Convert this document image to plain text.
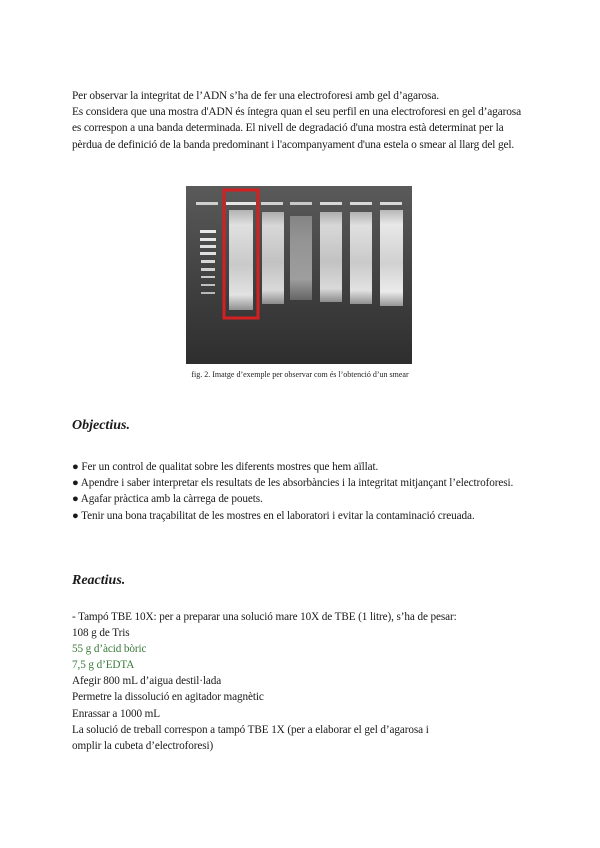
Per observar la integritat de l’ADN s’ha de fer una electroforesi amb gel d’agarosa.

Es considera que una mostra d'ADN és íntegra quan el seu perfil en una electroforesi en gel d’agarosa es correspon a una banda determinada. El nivell de degradació d'una mostra està determinat per la pèrdua de definició de la banda predominant i l'acompanyament d'una estela o smear al llarg del gel.

fig. 2. Imatge d’exemple per observar com és l’obtenció d’un smear
Objectius.
● Fer un control de qualitat sobre les diferents mostres que hem aïllat.
● Apendre i saber interpretar els resultats de les absorbàncies i la integritat mitjançant l’electroforesi.
● Agafar pràctica amb la càrrega de pouets.
● Tenir una bona traçabilitat de les mostres en el laboratori i evitar la contaminació creuada.
Reactius.
- Tampó TBE 10X: per a preparar una solució mare 10X de TBE (1 litre), s’ha de pesar:
108 g de Tris
55 g d’àcid bòric
7,5 g d’EDTA
Afegir 800 mL d’aigua destil·lada
Permetre la dissolució en agitador magnètic
Enrassar a 1000 mL
La solució de treball correspon a tampó TBE 1X (per a elaborar el gel d’agarosa i
omplir la cubeta d’electroforesi)
